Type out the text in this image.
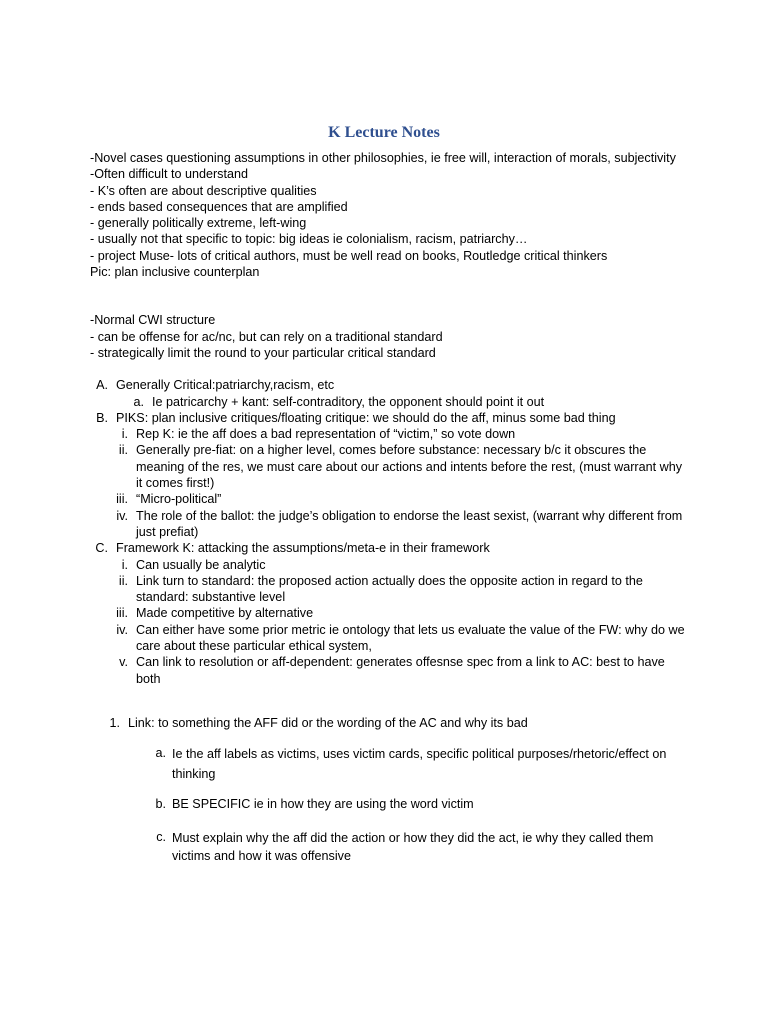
K Lecture Notes
-Novel cases questioning assumptions in other philosophies, ie free will, interaction of morals, subjectivity
-Often difficult to understand
- K’s often are about descriptive qualities
- ends based consequences that are amplified
- generally politically extreme, left-wing
- usually not that specific to topic: big ideas ie colonialism, racism, patriarchy…
- project Muse- lots of critical authors, must be well read on books, Routledge critical thinkers
Pic: plan inclusive counterplan
-Normal CWI structure
- can be offense for ac/nc, but can rely on a traditional standard
- strategically limit the round to your particular critical standard
A. Generally Critical:patriarchy,racism, etc
a. Ie patricarchy + kant: self-contraditory, the opponent should point it out
B. PIKS: plan inclusive critiques/floating critique: we should do the aff, minus some bad thing
i. Rep K: ie the aff does a bad representation of “victim,” so vote down
ii. Generally pre-fiat: on a higher level, comes before substance: necessary b/c it obscures the meaning of the res, we must care about our actions and intents before the rest, (must warrant why it comes first!)
iii. “Micro-political”
iv. The role of the ballot: the judge’s obligation to endorse the least sexist, (warrant why different from just prefiat)
C. Framework K: attacking the assumptions/meta-e in their framework
i. Can usually be analytic
ii. Link turn to standard: the proposed action actually does the opposite action in regard to the standard: substantive level
iii. Made competitive by alternative
iv. Can either have some prior metric ie ontology that lets us evaluate the value of the FW: why do we care about these particular ethical system,
v. Can link to resolution or aff-dependent: generates offesnse spec from a link to AC: best to have both
1. Link: to something the AFF did or the wording of the AC and why its bad
a. Ie the aff labels as victims, uses victim cards, specific political purposes/rhetoric/effect on thinking
b. BE SPECIFIC ie in how they are using the word victim
c. Must explain why the aff did the action or how they did the act, ie why they called them victims and how it was offensive
